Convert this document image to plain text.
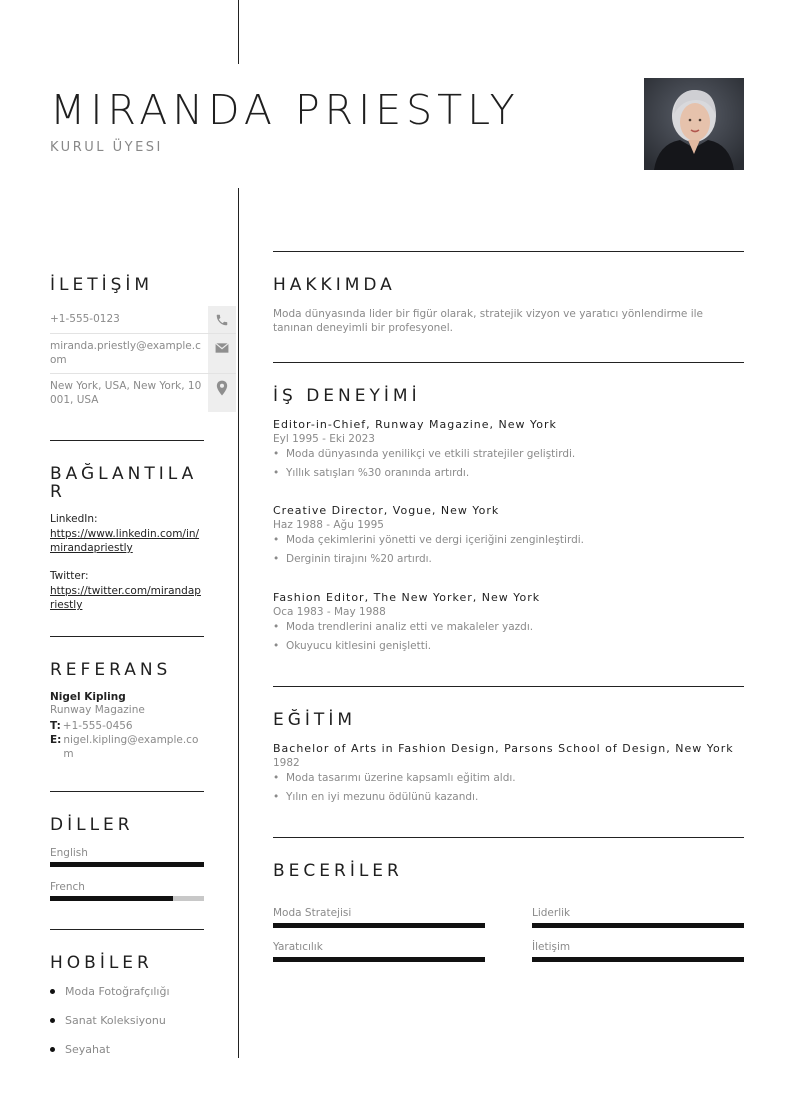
MIRANDA PRIESTLY
KURUL ÜYESI
İLETİŞİM
+1-555-0123
miranda.priestly@example.com
New York, USA, New York, 10001, USA
BAĞLANTILAR
LinkedIn:
https://www.linkedin.com/in/mirandapriestly
Twitter:
https://twitter.com/mirandapriestly
REFERANS
Nigel Kipling
Runway Magazine
T: +1-555-0456
E: nigel.kipling@example.com
DİLLER
English
French
HOBİLER
Moda Fotoğrafçılığı
Sanat Koleksiyonu
Seyahat
HAKKIMDA
Moda dünyasında lider bir figür olarak, stratejik vizyon ve yaratıcı yönlendirme ile tanınan deneyimli bir profesyonel.
İŞ DENEYİMİ
Editor-in-Chief, Runway Magazine, New York
Eyl 1995 - Eki 2023
• Moda dünyasında yenilikçi ve etkili stratejiler geliştirdi.
• Yıllık satışları %30 oranında artırdı.
Creative Director, Vogue, New York
Haz 1988 - Ağu 1995
• Moda çekimlerini yönetti ve dergi içeriğini zenginleştirdi.
• Derginin tirajını %20 artırdı.
Fashion Editor, The New Yorker, New York
Oca 1983 - May 1988
• Moda trendlerini analiz etti ve makaleler yazdı.
• Okuyucu kitlesini genişletti.
EĞİTİM
Bachelor of Arts in Fashion Design, Parsons School of Design, New York
1982
• Moda tasarımı üzerine kapsamlı eğitim aldı.
• Yılın en iyi mezunu ödülünü kazandı.
BECERİLER
Moda Stratejisi	Liderlik
Yaratıcılık	İletişim
